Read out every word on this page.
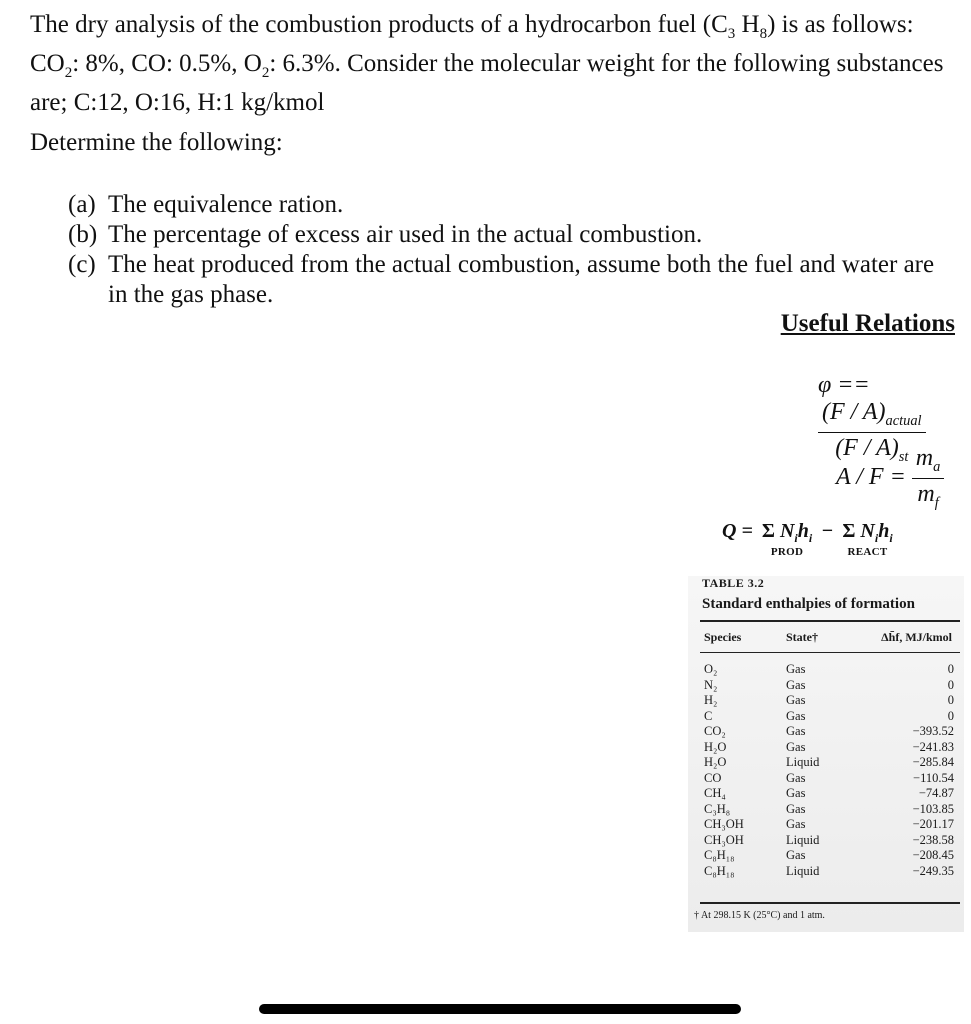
The dry analysis of the combustion products of a hydrocarbon fuel ($C_3$ $H_8$) is as follows: $CO_2$: 8%, CO: 0.5%, $O_2$: 6.3%. Consider the molecular weight for the following substances are; C:12, O:16, H:1 kg/kmol

Determine the following:

(a) The equivalence ration.
(b) The percentage of excess air used in the actual combustion.
(c) The heat produced from the actual combustion, assume both the fuel and water are in the gas phase.
Useful Relations
φ ==
$\frac{(F / A)_{actual}}{(F / A)_{st}}$
$A / F = \frac{m_a}{m_f}$
Q = Σ $N_ih_i$
PROD
− Σ $N_ih_i$
REACT
TABLE 3.2
Standard enthalpies of formation
Species	State†	Δh̄f, MJ/kmol
O₂	Gas	0
N₂	Gas	0
H₂	Gas	0
C	Gas	0
CO₂	Gas	−393.52
H₂O	Gas	−241.83
H₂O	Liquid	−285.84
CO	Gas	−110.54
CH₄	Gas	−74.87
C₃H₈	Gas	−103.85
CH₃OH	Gas	−201.17
CH₃OH	Liquid	−238.58
C₈H₁₈	Gas	−208.45
C₈H₁₈	Liquid	−249.35
† At 298.15 K (25°C) and 1 atm.
